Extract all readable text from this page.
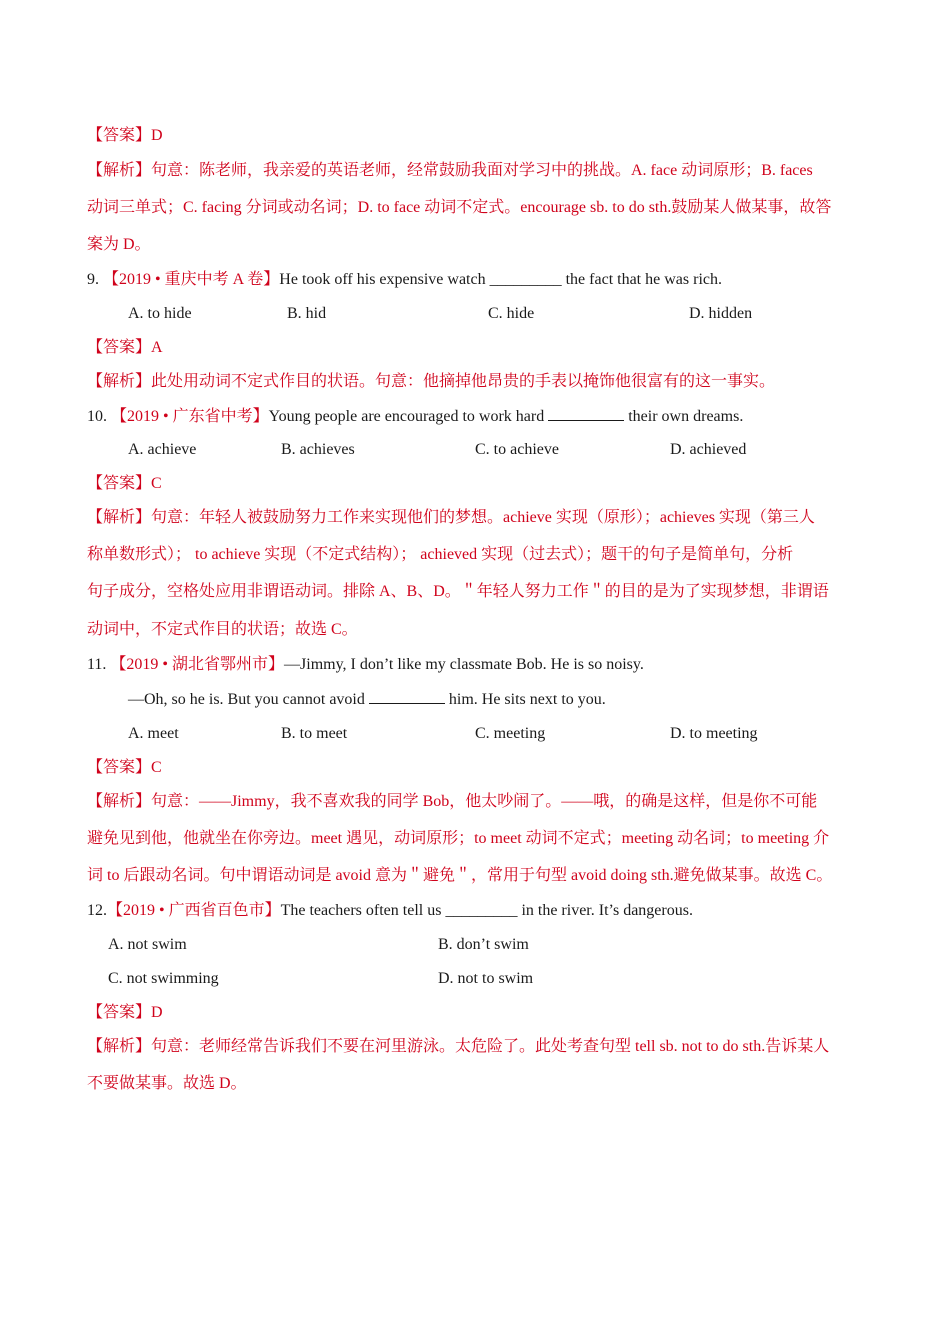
【答案】D
【解析】句意：陈老师，我亲爱的英语老师，经常鼓励我面对学习中的挑战。A. face 动词原形；B. faces
动词三单式；C. facing 分词或动名词；D. to face 动词不定式。encourage sb. to do sth.鼓励某人做某事，故答
案为 D。
9. 【2019 • 重庆中考 A 卷】He took off his expensive watch _________ the fact that he was rich.
A. to hide	B. hid	C. hide	D. hidden
【答案】A
【解析】此处用动词不定式作目的状语。句意：他摘掉他昂贵的手表以掩饰他很富有的这一事实。
10. 【2019 • 广东省中考】Young people are encouraged to work hard	their own dreams.
A. achieve	B. achieves	C. to achieve	D. achieved
【答案】C
【解析】句意：年轻人被鼓励努力工作来实现他们的梦想。achieve 实现（原形）；achieves 实现（第三人
称单数形式）； to achieve 实现（不定式结构）； achieved 实现（过去式）；题干的句子是简单句，分析
句子成分，空格处应用非谓语动词。排除 A、B、D。＂年轻人努力工作＂的目的是为了实现梦想，非谓语
动词中，不定式作目的状语；故选 C。
11. 【2019 • 湖北省鄂州市】—Jimmy, I don’t like my classmate Bob. He is so noisy.
—Oh, so he is. But you cannot avoid	him. He sits next to you.
A. meet	B. to meet	C. meeting	D. to meeting
【答案】C
【解析】句意：——Jimmy，我不喜欢我的同学 Bob，他太吵闹了。——哦，的确是这样，但是你不可能
避免见到他，他就坐在你旁边。meet 遇见，动词原形；to meet 动词不定式；meeting 动名词；to meeting 介
词 to 后跟动名词。句中谓语动词是 avoid 意为＂避免＂，常用于句型 avoid doing sth.避免做某事。故选 C。
12.【2019 • 广西省百色市】The teachers often tell us _________ in the river. It’s dangerous.
A. not swim	B. don’t swim
C. not swimming	D. not to swim
【答案】D
【解析】句意：老师经常告诉我们不要在河里游泳。太危险了。此处考查句型 tell sb. not to do sth.告诉某人
不要做某事。故选 D。
